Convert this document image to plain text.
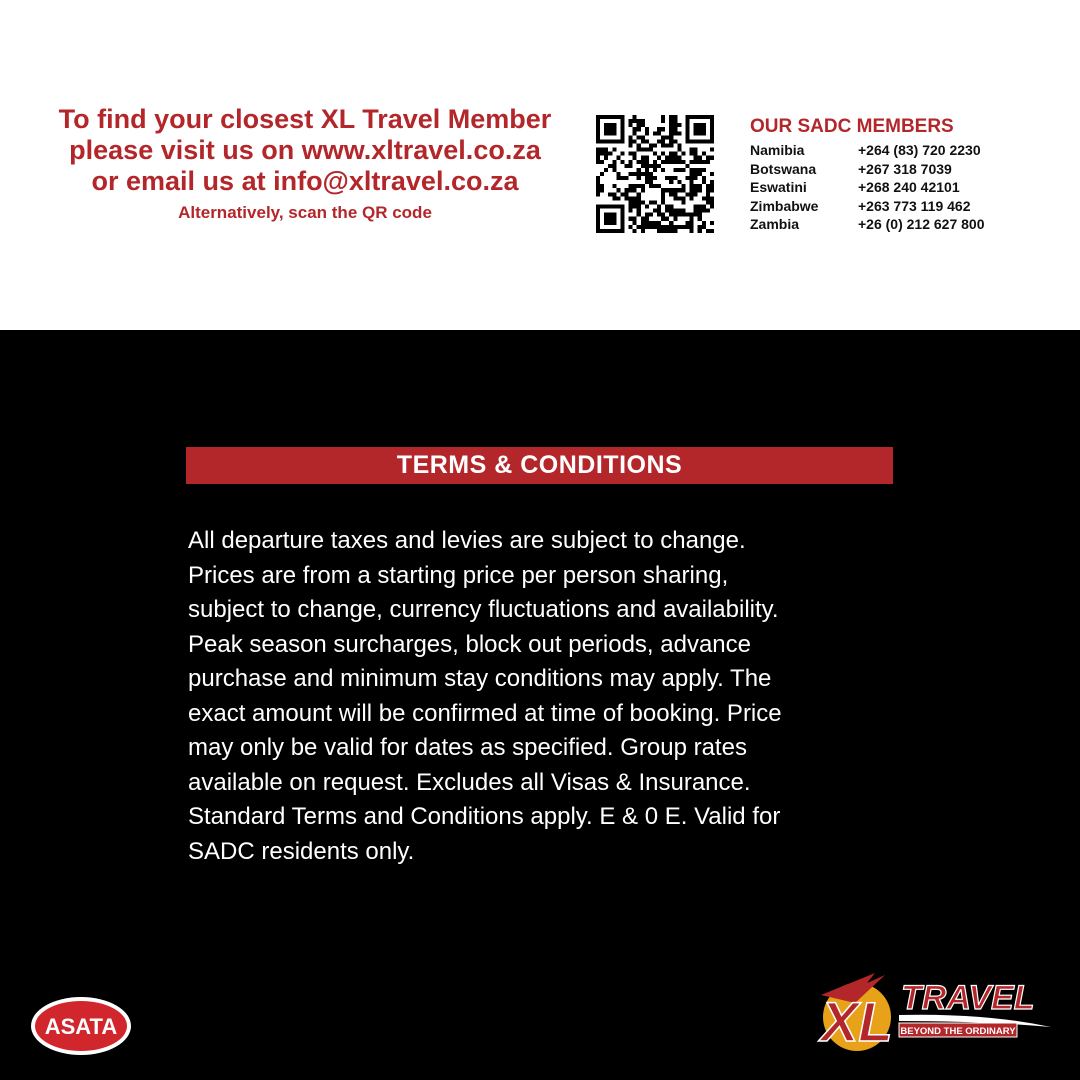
To find your closest XL Travel Member
please visit us on www.xltravel.co.za
or email us at info@xltravel.co.za
Alternatively, scan the QR code
OUR SADC MEMBERS
Namibia	+264 (83) 720 2230
Botswana	+267 318 7039
Eswatini	+268 240 42101
Zimbabwe	+263 773 119 462
Zambia	+26 (0) 212 627 800
TERMS & CONDITIONS
All departure taxes and levies are subject to change.
Prices are from a starting price per person sharing,
subject to change, currency fluctuations and availability.
Peak season surcharges, block out periods, advance
purchase and minimum stay conditions may apply. The
exact amount will be confirmed at time of booking. Price
may only be valid for dates as specified. Group rates
available on request. Excludes all Visas & Insurance.
Standard Terms and Conditions apply. E & 0 E. Valid for
SADC residents only.
ASATA	XL TRAVEL
BEYOND THE ORDINARY
